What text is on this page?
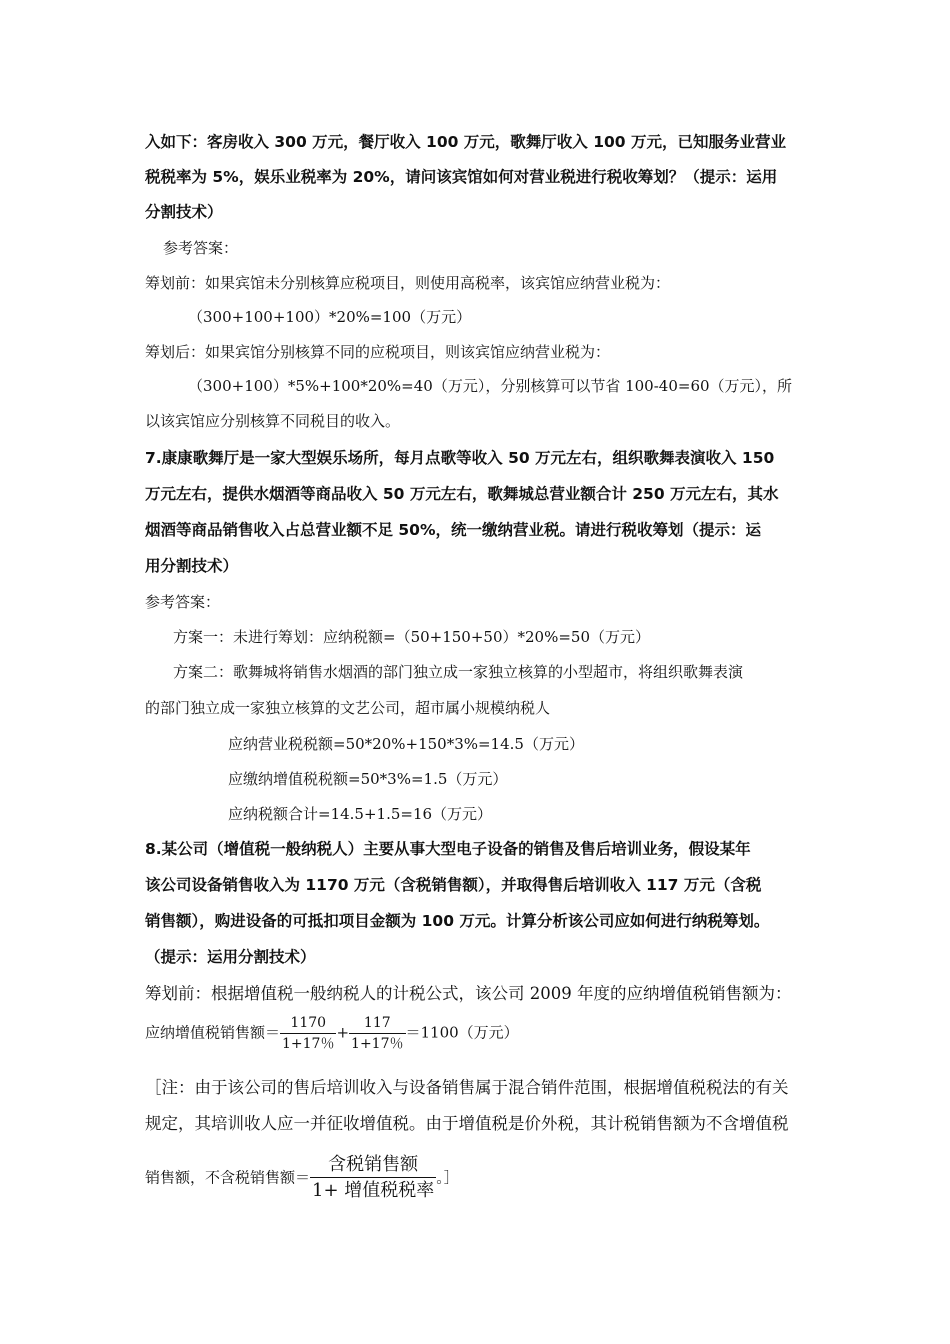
入如下：客房收入 300 万元，餐厅收入 100 万元，歌舞厅收入 100 万元，已知服务业营业
税税率为 5%，娱乐业税率为 20%，请问该宾馆如何对营业税进行税收筹划？（提示：运用
分割技术）
参考答案：
筹划前：如果宾馆未分别核算应税项目，则使用高税率，该宾馆应纳营业税为：
（300+100+100）*20%=100（万元）
筹划后：如果宾馆分别核算不同的应税项目，则该宾馆应纳营业税为：
（300+100）*5%+100*20%=40（万元），分别核算可以节省 100-40=60（万元），所
以该宾馆应分别核算不同税目的收入。
7.康康歌舞厅是一家大型娱乐场所，每月点歌等收入 50 万元左右，组织歌舞表演收入 150
万元左右，提供水烟酒等商品收入 50 万元左右，歌舞城总营业额合计 250 万元左右，其水
烟酒等商品销售收入占总营业额不足 50%，统一缴纳营业税。请进行税收筹划（提示：运
用分割技术）
参考答案：
方案一：未进行筹划：应纳税额=（50+150+50）*20%=50（万元）
方案二：歌舞城将销售水烟酒的部门独立成一家独立核算的小型超市，将组织歌舞表演
的部门独立成一家独立核算的文艺公司，超市属小规模纳税人
应纳营业税税额=50*20%+150*3%=14.5（万元）
应缴纳增值税税额=50*3%=1.5（万元）
应纳税额合计=14.5+1.5=16（万元）
8.某公司（增值税一般纳税人）主要从事大型电子设备的销售及售后培训业务，假设某年
该公司设备销售收入为 1170 万元（含税销售额），并取得售后培训收入 117 万元（含税
销售额），购进设备的可抵扣项目金额为 100 万元。计算分析该公司应如何进行纳税筹划。
（提示：运用分割技术）
筹划前：根据增值税一般纳税人的计税公式，该公司 2009 年度的应纳增值税销售额为：
应纳增值税销售额＝ $\frac{1170}{1+17\%} + \frac{117}{1+17\%} =1100$（万元）
［注：由于该公司的售后培训收入与设备销售属于混合销件范围，根据增值税税法的有关
规定，其培训收人应一并征收增值税。由于增值税是价外税，其计税销售额为不含增值税
销售额，不含税销售额＝ $\frac{\text{含税销售额}}{\text{1+ 增值税税率}}$ 。］
